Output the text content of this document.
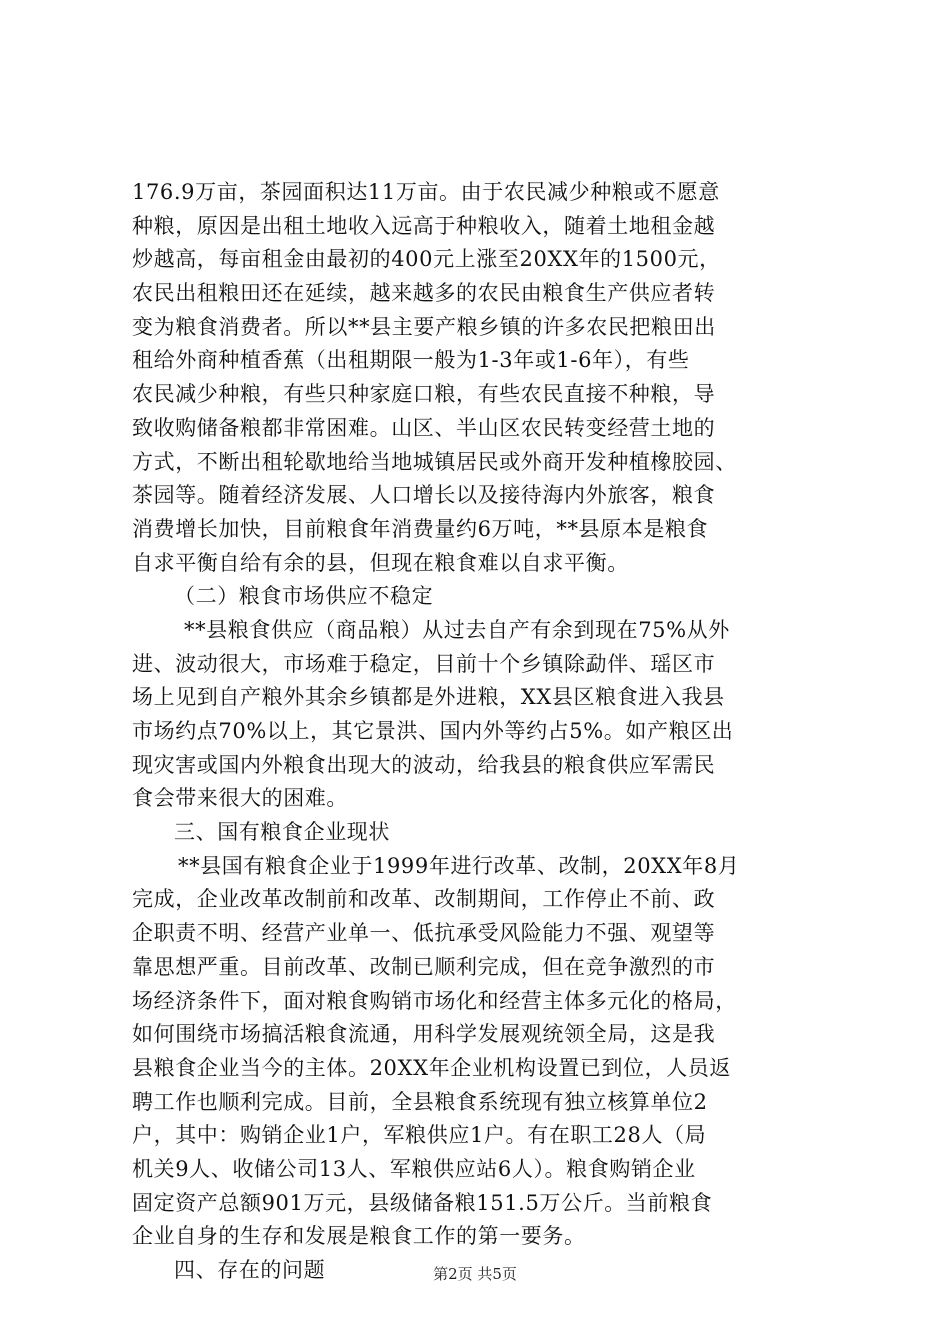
176.9万亩，茶园面积达11万亩。由于农民减少种粮或不愿意
种粮，原因是出租土地收入远高于种粮收入，随着土地租金越
炒越高，每亩租金由最初的400元上涨至20XX年的1500元，
农民出租粮田还在延续，越来越多的农民由粮食生产供应者转
变为粮食消费者。所以**县主要产粮乡镇的许多农民把粮田出
租给外商种植香蕉（出租期限一般为1-3年或1-6年），有些
农民减少种粮，有些只种家庭口粮，有些农民直接不种粮，导
致收购储备粮都非常困难。山区、半山区农民转变经营土地的
方式，不断出租轮歇地给当地城镇居民或外商开发种植橡胶园、
茶园等。随着经济发展、人口增长以及接待海内外旅客，粮食
消费增长加快，目前粮食年消费量约6万吨，**县原本是粮食
自求平衡自给有余的县，但现在粮食难以自求平衡。
（二）粮食市场供应不稳定
**县粮食供应（商品粮）从过去自产有余到现在75%从外
进、波动很大，市场难于稳定，目前十个乡镇除勐伴、瑶区市
场上见到自产粮外其余乡镇都是外进粮，XX县区粮食进入我县
市场约点70%以上，其它景洪、国内外等约占5%。如产粮区出
现灾害或国内外粮食出现大的波动，给我县的粮食供应军需民
食会带来很大的困难。
三、国有粮食企业现状
**县国有粮食企业于1999年进行改革、改制，20XX年8月
完成，企业改革改制前和改革、改制期间，工作停止不前、政
企职责不明、经营产业单一、低抗承受风险能力不强、观望等
靠思想严重。目前改革、改制已顺利完成，但在竞争激烈的市
场经济条件下，面对粮食购销市场化和经营主体多元化的格局，
如何围绕市场搞活粮食流通，用科学发展观统领全局，这是我
县粮食企业当今的主体。20XX年企业机构设置已到位，人员返
聘工作也顺利完成。目前，全县粮食系统现有独立核算单位2
户，其中：购销企业1户，军粮供应1户。有在职工28人（局
机关9人、收储公司13人、军粮供应站6人）。粮食购销企业
固定资产总额901万元，县级储备粮151.5万公斤。当前粮食
企业自身的生存和发展是粮食工作的第一要务。
四、存在的问题	第2页 共5页
